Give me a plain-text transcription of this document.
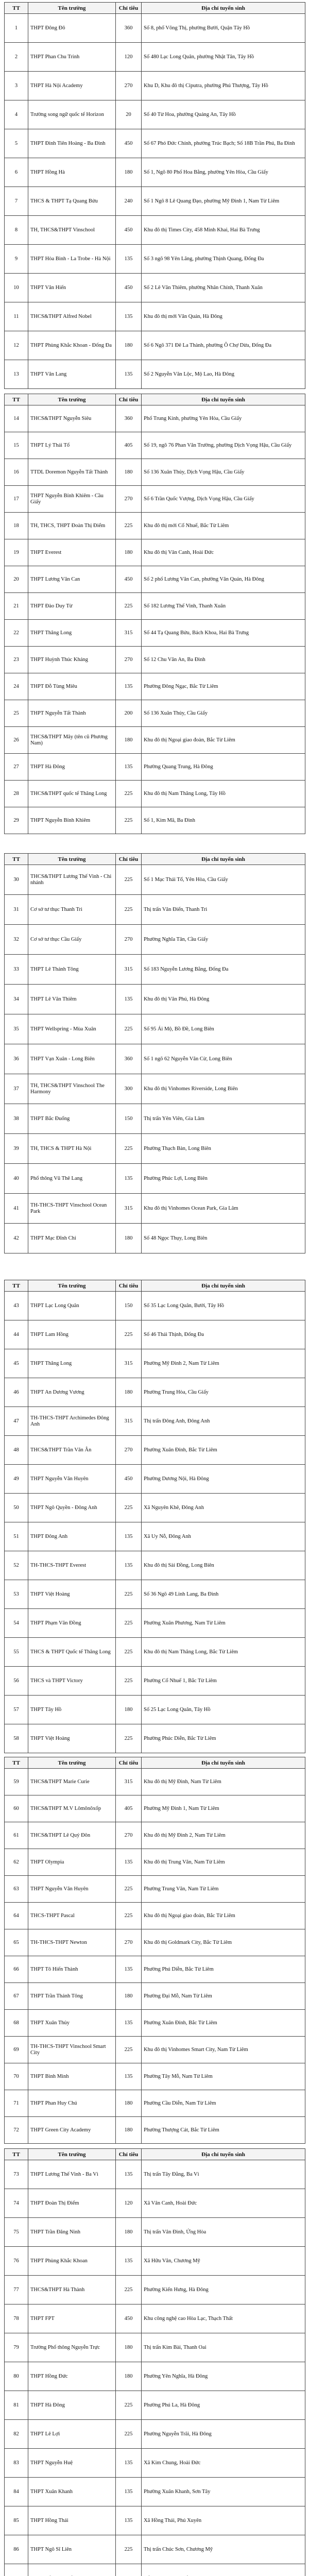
TT	Tên trường	Chỉ tiêu	Địa chỉ tuyển sinh
1	THPT Đông Đô	360	Số 8, phố Võng Thị, phường Bưởi, Quận Tây Hồ
2	THPT Phan Chu Trinh	120	Số 480 Lạc Long Quân, phường Nhật Tân, Tây Hồ
3	THPT Hà Nội Academy	270	Khu D, Khu đô thị Ciputra, phường Phú Thượng, Tây Hồ
4	Trường song ngữ quốc tế Horizon	20	Số 40 Từ Hoa, phường Quảng An, Tây Hồ
5	THPT Đinh Tiên Hoàng - Ba Đình	450	Số 67 Phó Đức Chính, phường Trúc Bạch; Số 18B Trần Phú, Ba Đình
6	THPT Hồng Hà	180	Số 1, Ngõ 80 Phố Hoa Bằng, phường Yên Hòa, Cầu Giấy
7	THCS & THPT Tạ Quang Bửu	240	Số 1 Ngõ 8 Lê Quang Đạo, phường Mỹ Đình 1, Nam Từ Liêm
8	TH, THCS&THPT Vinschool	450	Khu đô thị Times City, 458 Minh Khai, Hai Bà Trưng
9	THPT Hòa Bình - La Trobe - Hà Nội	135	Số 3 ngõ 98 Yên Lãng, phường Thịnh Quang, Đống Đa
10	THPT Văn Hiến	450	Số 2 Lê Văn Thiêm, phường Nhân Chính, Thanh Xuân
11	THCS&THPT Alfred Nobel	135	Khu đô thị mới Văn Quán, Hà Đông
12	THPT Phùng Khắc Khoan - Đống Đa	180	Số 6 Ngõ 371 Đê La Thành, phường Ô Chợ Dừa, Đống Đa
13	THPT Văn Lang	135	Số 2 Nguyễn Văn Lộc, Mộ Lao, Hà Đông
TT	Tên trường	Chỉ tiêu	Địa chỉ tuyển sinh
14	THCS&THPT Nguyễn Siêu	360	Phố Trung Kính, phường Yên Hòa, Cầu Giấy
15	THPT Lý Thái Tổ	405	Số 19, ngõ 76 Phan Văn Trường, phường Dịch Vọng Hậu, Cầu Giấy
16	TTDL Doremon Nguyễn Tất Thành	180	Số 136 Xuân Thủy, Dịch Vọng Hậu, Cầu Giấy
17	THPT Nguyễn Bỉnh Khiêm - Cầu Giấy	270	Số 6 Trần Quốc Vượng, Dịch Vọng Hậu, Cầu Giấy
18	TH, THCS, THPT Đoàn Thị Điểm	225	Khu đô thị mới Cổ Nhuế, Bắc Từ Liêm
19	THPT Everest	180	Khu đô thị Vân Canh, Hoài Đức
20	THPT Lương Văn Can	450	Số 2 phố Lương Văn Can, phường Văn Quán, Hà Đông
21	THPT Đào Duy Từ	225	Số 182 Lương Thế Vinh, Thanh Xuân
22	THPT Thăng Long	315	Số 44 Tạ Quang Bửu, Bách Khoa, Hai Bà Trưng
23	THPT Huỳnh Thúc Kháng	270	Số 12 Chu Văn An, Ba Đình
24	THPT Đỗ Tùng Miêu	135	Phường Đông Ngạc, Bắc Từ Liêm
25	THPT Nguyễn Tất Thành	200	Số 136 Xuân Thủy, Cầu Giấy
26	THCS&THPT Mây (tên cũ Phương Nam)	180	Khu đô thị Ngoại giao đoàn, Bắc Từ Liêm
27	THPT Hà Đông	135	Phường Quang Trung, Hà Đông
28	THCS&THPT quốc tế Thăng Long	225	Khu đô thị Nam Thăng Long, Tây Hồ
29	THPT Nguyễn Bỉnh Khiêm	225	Số 1, Kim Mã, Ba Đình
TT	Tên trường	Chỉ tiêu	Địa chỉ tuyển sinh
30	THCS&THPT Lương Thế Vinh - Chi nhánh	225	Số 1 Mạc Thái Tổ, Yên Hòa, Cầu Giấy
31	Cơ sở tư thục Thanh Trì	225	Thị trấn Văn Điển, Thanh Trì
32	Cơ sở tư thục Cầu Giấy	270	Phường Nghĩa Tân, Cầu Giấy
33	THPT Lê Thánh Tông	315	Số 183 Nguyễn Lương Bằng, Đống Đa
34	THPT Lê Văn Thiêm	135	Khu đô thị Văn Phú, Hà Đông
35	THPT Wellspring - Mùa Xuân	225	Số 95 Ái Mộ, Bồ Đề, Long Biên
36	THPT Vạn Xuân - Long Biên	360	Số 1 ngõ 62 Nguyễn Văn Cừ, Long Biên
37	TH, THCS&THPT Vinschool The Harmony	300	Khu đô thị Vinhomes Riverside, Long Biên
38	THPT Bắc Đuống	150	Thị trấn Yên Viên, Gia Lâm
39	TH, THCS & THPT Hà Nội	225	Phường Thạch Bàn, Long Biên
40	Phổ thông Vũ Thê Lang	135	Phường Phúc Lợi, Long Biên
41	TH-THCS-THPT Vinschool Ocean Park	315	Khu đô thị Vinhomes Ocean Park, Gia Lâm
42	THPT Mạc Đĩnh Chi	180	Số 48 Ngọc Thụy, Long Biên
TT	Tên trường	Chỉ tiêu	Địa chỉ tuyển sinh
43	THPT Lạc Long Quân	150	Số 35 Lạc Long Quân, Bưởi, Tây Hồ
44	THPT Lam Hồng	225	Số 46 Thái Thịnh, Đống Đa
45	THPT Thăng Long	315	Phường Mỹ Đình 2, Nam Từ Liêm
46	THPT An Dương Vương	180	Phường Trung Hòa, Cầu Giấy
47	TH-THCS-THPT Archimedes Đông Anh	315	Thị trấn Đông Anh, Đông Anh
48	THCS&THPT Trần Văn Ân	270	Phường Xuân Đỉnh, Bắc Từ Liêm
49	THPT Nguyễn Văn Huyên	450	Phường Dương Nội, Hà Đông
50	THPT Ngô Quyền - Đông Anh	225	Xã Nguyên Khê, Đông Anh
51	THPT Đông Anh	135	Xã Uy Nỗ, Đông Anh
52	TH-THCS-THPT Everest	135	Khu đô thị Sài Đồng, Long Biên
53	THPT Việt Hoàng	225	Số 36 Ngõ 49 Linh Lang, Ba Đình
54	THPT Phạm Văn Đồng	225	Phường Xuân Phương, Nam Từ Liêm
55	THCS & THPT Quốc tế Thăng Long	225	Khu đô thị Nam Thăng Long, Bắc Từ Liêm
56	THCS và THPT Victory	225	Phường Cổ Nhuế 1, Bắc Từ Liêm
57	THPT Tây Hồ	180	Số 25 Lạc Long Quân, Tây Hồ
58	THPT Việt Hoàng	225	Phường Phúc Diễn, Bắc Từ Liêm
TT	Tên trường	Chỉ tiêu	Địa chỉ tuyển sinh
59	THCS&THPT Marie Curie	315	Khu đô thị Mỹ Đình, Nam Từ Liêm
60	THCS&THPT M.V Lômônôxốp	405	Phường Mỹ Đình 1, Nam Từ Liêm
61	THCS&THPT Lê Quý Đôn	270	Khu đô thị Mỹ Đình 2, Nam Từ Liêm
62	THPT Olympia	135	Khu đô thị Trung Văn, Nam Từ Liêm
63	THPT Nguyễn Văn Huyên	225	Phường Trung Văn, Nam Từ Liêm
64	THCS-THPT Pascal	225	Khu đô thị Ngoại giao đoàn, Bắc Từ Liêm
65	TH-THCS-THPT Newton	270	Khu đô thị Goldmark City, Bắc Từ Liêm
66	THPT Tô Hiến Thành	135	Phường Phú Diễn, Bắc Từ Liêm
67	THPT Trần Thánh Tông	180	Phường Đại Mỗ, Nam Từ Liêm
68	THPT Xuân Thủy	135	Phường Xuân Đỉnh, Bắc Từ Liêm
69	TH-THCS-THPT Vinschool Smart City	225	Khu đô thị Vinhomes Smart City, Nam Từ Liêm
70	THPT Bình Minh	135	Phường Tây Mỗ, Nam Từ Liêm
71	THPT Phan Huy Chú	180	Phường Cầu Diễn, Nam Từ Liêm
72	THPT Green City Academy	180	Phường Thượng Cát, Bắc Từ Liêm
TT	Tên trường	Chỉ tiêu	Địa chỉ tuyển sinh
73	THPT Lương Thế Vinh - Ba Vì	135	Thị trấn Tây Đằng, Ba Vì
74	THPT Đoàn Thị Điểm	120	Xã Vân Canh, Hoài Đức
75	THPT Trần Đăng Ninh	180	Thị trấn Vân Đình, Ứng Hòa
76	THPT Phùng Khắc Khoan	135	Xã Hữu Văn, Chương Mỹ
77	THCS&THPT Hà Thành	225	Phường Kiến Hưng, Hà Đông
78	THPT FPT	450	Khu công nghệ cao Hòa Lạc, Thạch Thất
79	Trường Phổ thông Nguyễn Trực	180	Thị trấn Kim Bài, Thanh Oai
80	THPT Hồng Đức	180	Phường Yên Nghĩa, Hà Đông
81	THPT Hà Đông	225	Phường Phú La, Hà Đông
82	THPT Lê Lợi	225	Phường Nguyễn Trãi, Hà Đông
83	THPT Nguyễn Huệ	135	Xã Kim Chung, Hoài Đức
84	THPT Xuân Khanh	135	Phường Xuân Khanh, Sơn Tây
85	THPT Hồng Thái	135	Xã Hồng Thái, Phú Xuyên
86	THPT Ngô Sĩ Liên	225	Thị trấn Chúc Sơn, Chương Mỹ
